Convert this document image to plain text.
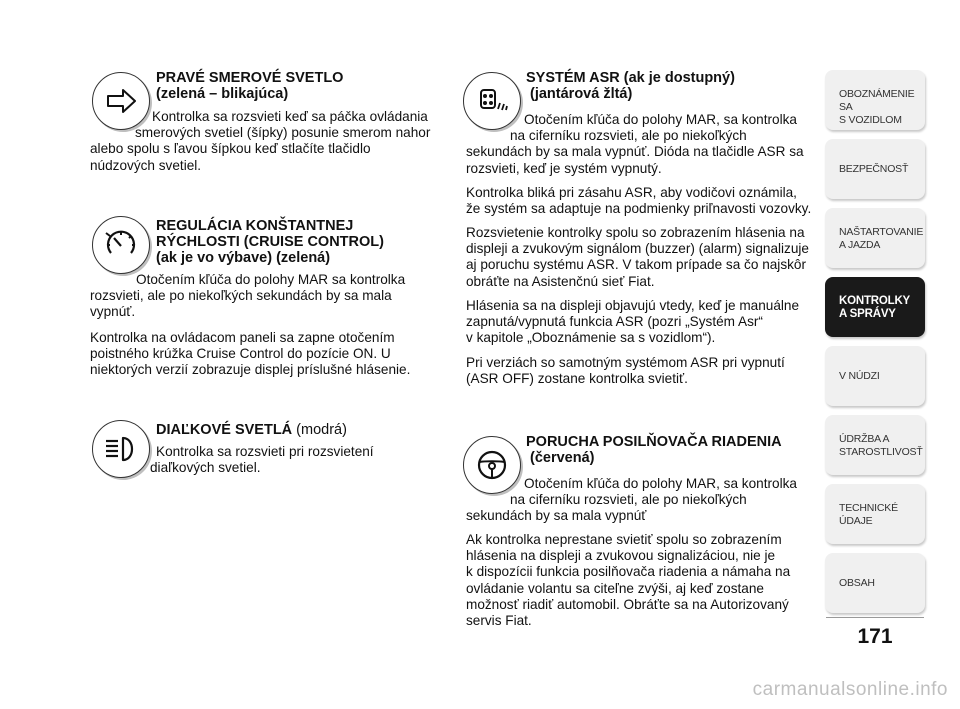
PRAVÉ SMEROVÉ SVETLO
(zelená – blikajúca)

Kontrolka sa rozsvieti keď sa páčka ovládania
smerových svetiel (šípky) posunie smerom nahor
alebo spolu s ľavou šípkou keď stlačíte tlačidlo
núdzových svetiel.

REGULÁCIA KONŠTANTNEJ
RÝCHLOSTI (CRUISE CONTROL)
(ak je vo výbave) (zelená)

Otočením kľúča do polohy MAR sa kontrolka
rozsvieti, ale po niekoľkých sekundách by sa mala
vypnúť.

Kontrolka na ovládacom paneli sa zapne otočením
poistného krúžka Cruise Control do pozície ON. U
niektorých verzií zobrazuje displej príslušné hlásenie.

DIAĽKOVÉ SVETLÁ (modrá)

Kontrolka sa rozsvieti pri rozsvietení
diaľkových svetiel.

SYSTÉM ASR (ak je dostupný)
(jantárová žltá)

Otočením kľúča do polohy MAR, sa kontrolka
na ciferníku rozsvieti, ale po niekoľkých
sekundách by sa mala vypnúť. Dióda na tlačidle ASR sa
rozsvieti, keď je systém vypnutý.

Kontrolka bliká pri zásahu ASR, aby vodičovi oznámila,
že systém sa adaptuje na podmienky priľnavosti vozovky.

Rozsvietenie kontrolky spolu so zobrazením hlásenia na
displeji a zvukovým signálom (buzzer) (alarm) signalizuje
aj poruchu systému ASR. V takom prípade sa čo najskôr
obráťte na Asistenčnú sieť Fiat.

Hlásenia sa na displeji objavujú vtedy, keď je manuálne
zapnutá/vypnutá funkcia ASR (pozri „Systém Asr“
v kapitole „Oboznámenie sa s vozidlom“).

Pri verziách so samotným systémom ASR pri vypnutí
(ASR OFF) zostane kontrolka svietiť.

PORUCHA POSILŇOVAČA RIADENIA
(červená)

Otočením kľúča do polohy MAR, sa kontrolka
na ciferníku rozsvieti, ale po niekoľkých
sekundách by sa mala vypnúť

Ak kontrolka neprestane svietiť spolu so zobrazením
hlásenia na displeji a zvukovou signalizáciou, nie je
k dispozícii funkcia posilňovača riadenia a námaha na
ovládanie volantu sa citeľne zvýši, aj keď zostane
možnosť riadiť automobil. Obráťte sa na Autorizovaný
servis Fiat.

OBOZNÁMENIE SA
S VOZIDLOM
BEZPEČNOSŤ
NAŠTARTOVANIE
A JAZDA
KONTROLKY
A SPRÁVY
V NÚDZI
ÚDRŽBA A
STAROSTLIVOSŤ
TECHNICKÉ
ÚDAJE
OBSAH
171
carmanualsonline.info
